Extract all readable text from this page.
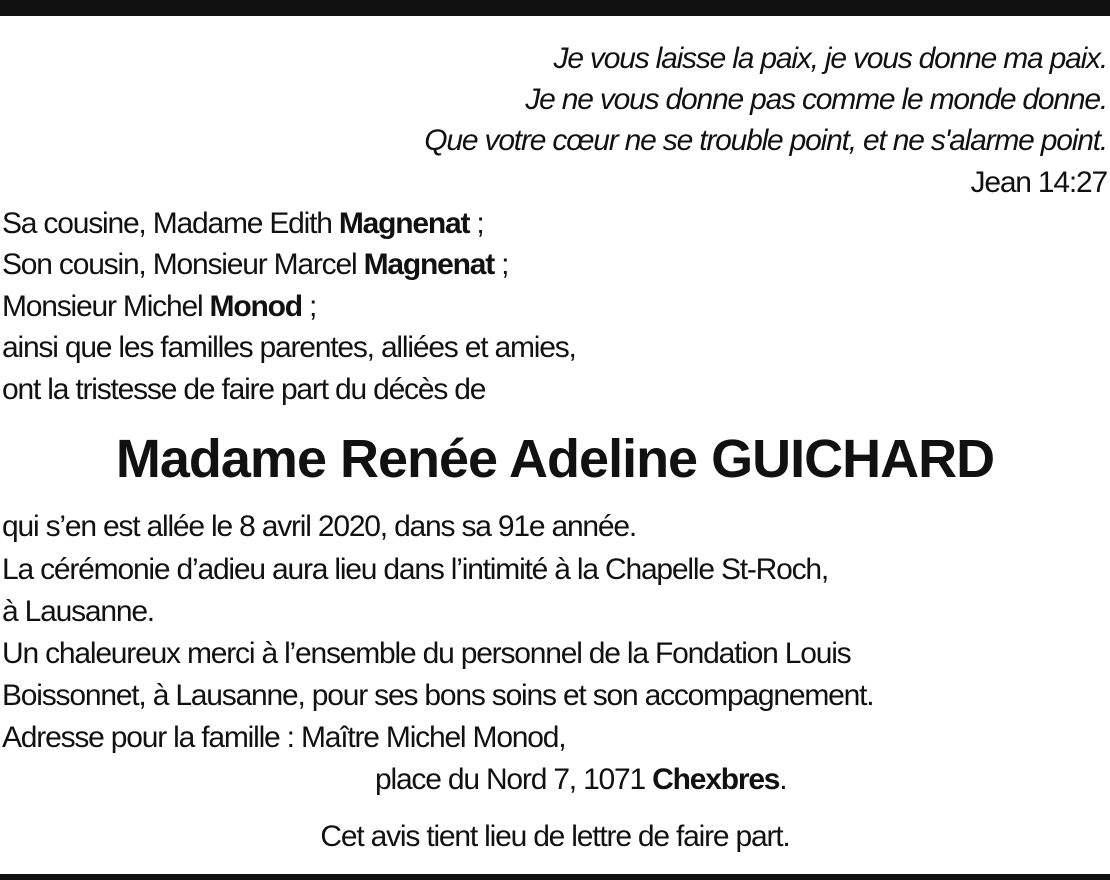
Je vous laisse la paix, je vous donne ma paix.
Je ne vous donne pas comme le monde donne.
Que votre cœur ne se trouble point, et ne s'alarme point.
Jean 14:27
Sa cousine, Madame Edith Magnenat ;
Son cousin, Monsieur Marcel Magnenat ;
Monsieur Michel Monod ;
ainsi que les familles parentes, alliées et amies,
ont la tristesse de faire part du décès de
Madame Renée Adeline GUICHARD
qui s’en est allée le 8 avril 2020, dans sa 91e année.
La cérémonie d’adieu aura lieu dans l’intimité à la Chapelle St-Roch,
à Lausanne.
Un chaleureux merci à l’ensemble du personnel de la Fondation Louis
Boissonnet, à Lausanne, pour ses bons soins et son accompagnement.
Adresse pour la famille : Maître Michel Monod,
place du Nord 7, 1071 Chexbres.
Cet avis tient lieu de lettre de faire part.
